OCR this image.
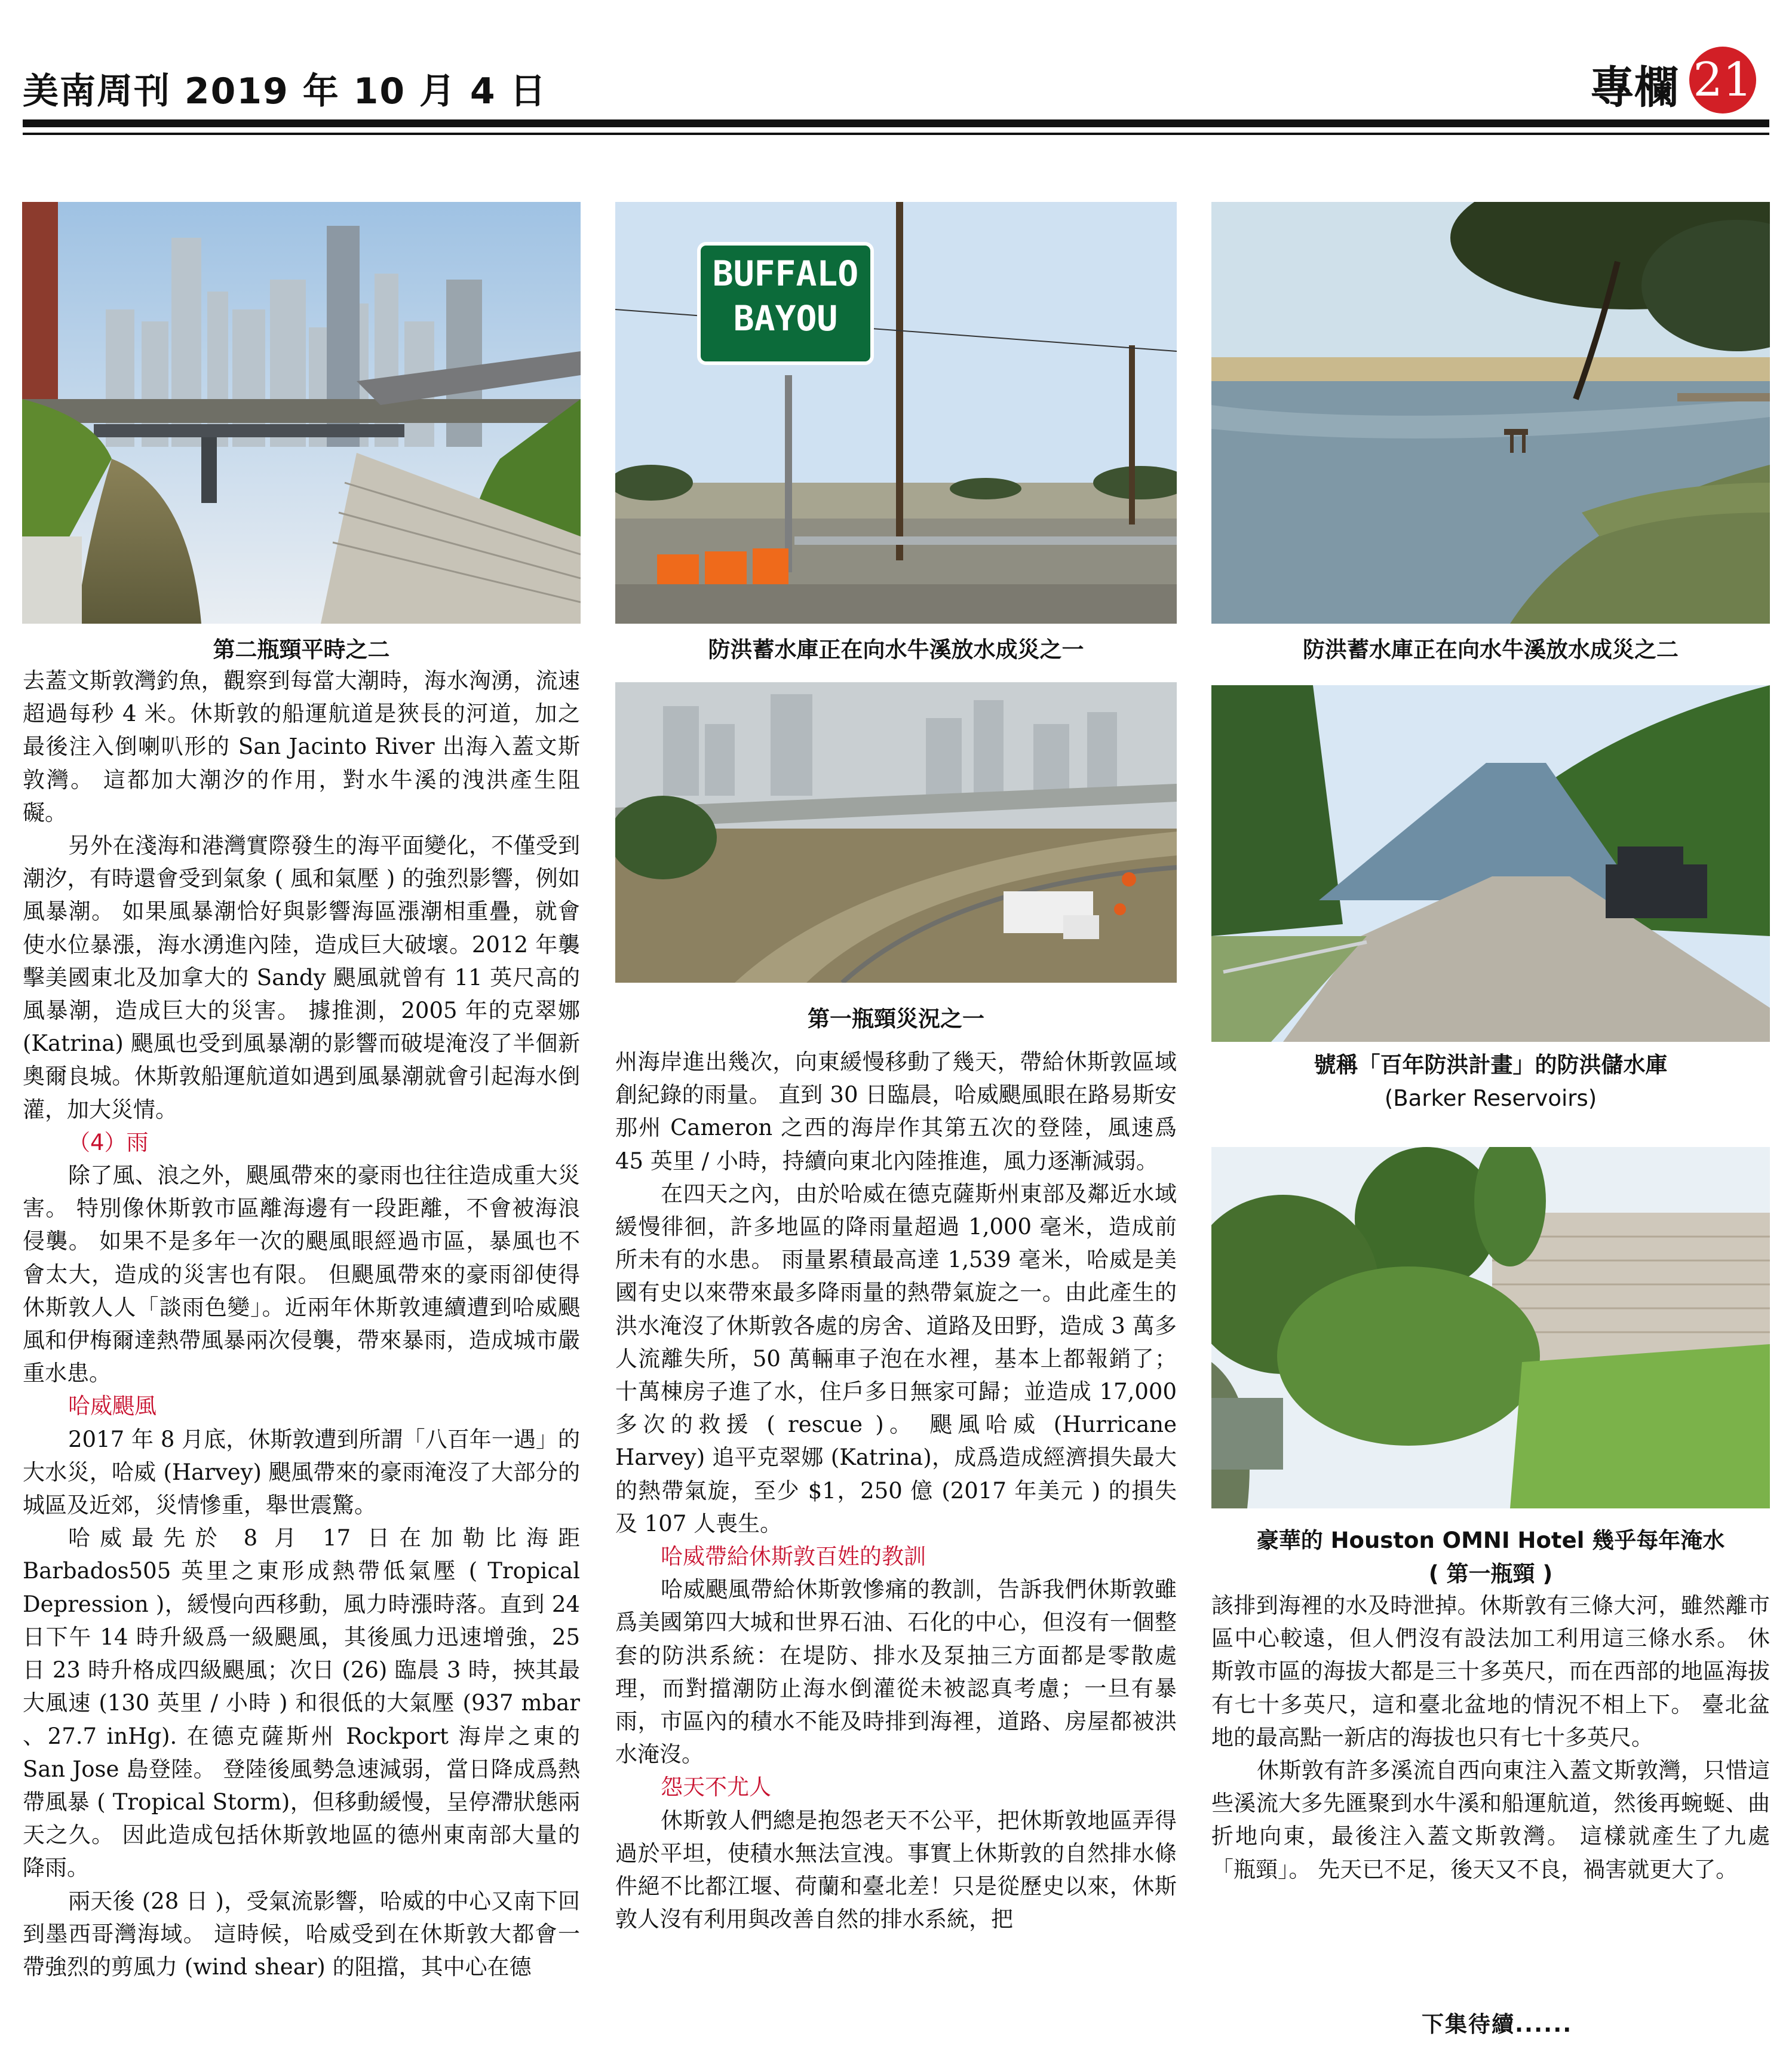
美南周刊 2019 年 10 月 4 日	專欄 21
第二瓶頸平時之二
BUFFALO
BAYOU
防洪蓄水庫正在向水牛溪放水成災之一	防洪蓄水庫正在向水牛溪放水成災之二
第一瓶頸災況之一
號稱「百年防洪計畫」的防洪儲水庫
(Barker Reservoirs)
豪華的 Houston OMNI Hotel 幾乎每年淹水
( 第一瓶頸 )

去蓋文斯敦灣釣魚，觀察到每當大潮時，海水洶湧，流速超過每秒 4 米。休斯敦的船運航道是狹長的河道，加之最後注入倒喇叭形的 San Jacinto River 出海入蓋文斯敦灣。 這都加大潮汐的作用，對水牛溪的洩洪產生阻礙。

另外在淺海和港灣實際發生的海平面變化，不僅受到潮汐，有時還會受到氣象 ( 風和氣壓 ) 的強烈影響，例如風暴潮。 如果風暴潮恰好與影響海區漲潮相重疊，就會使水位暴漲，海水湧進內陸，造成巨大破壞。2012 年襲擊美國東北及加拿大的 Sandy 颶風就曾有 11 英尺高的風暴潮，造成巨大的災害。 據推測，2005 年的克翠娜 (Katrina) 颶風也受到風暴潮的影響而破堤淹沒了半個新奧爾良城。休斯敦船運航道如遇到風暴潮就會引起海水倒灌，加大災情。

（4）雨

除了風、浪之外，颶風帶來的豪雨也往往造成重大災害。 特別像休斯敦市區離海邊有一段距離，不會被海浪侵襲。 如果不是多年一次的颶風眼經過市區，暴風也不會太大，造成的災害也有限。 但颶風帶來的豪雨卻使得休斯敦人人「談雨色變」。近兩年休斯敦連續遭到哈威颶風和伊梅爾達熱帶風暴兩次侵襲，帶來暴雨，造成城市嚴重水患。

哈威颶風

2017 年 8 月底，休斯敦遭到所謂「八百年一遇」的大水災，哈威 (Harvey) 颶風帶來的豪雨淹沒了大部分的城區及近郊，災情慘重，舉世震驚。

哈威最先於 8 月 17 日在加勒比海距 Barbados505 英里之東形成熱帶低氣壓 ( Tropical Depression )，緩慢向西移動，風力時漲時落。直到 24 日下午 14 時升級爲一級颶風，其後風力迅速增強，25 日 23 時升格成四級颶風；次日 (26) 臨晨 3 時，挾其最大風速 (130 英里 / 小時 ) 和很低的大氣壓 (937 mbar 、27.7 inHg). 在德克薩斯州 Rockport 海岸之東的 San Jose 島登陸。 登陸後風勢急速減弱，當日降成爲熱帶風暴 ( Tropical Storm)，但移動緩慢，呈停滯狀態兩天之久。 因此造成包括休斯敦地區的德州東南部大量的降雨。

兩天後 (28 日 )，受氣流影響，哈威的中心又南下回到墨西哥灣海域。 這時候，哈威受到在休斯敦大都會一帶強烈的剪風力 (wind shear) 的阻擋，其中心在德

州海岸進出幾次，向東緩慢移動了幾天，帶給休斯敦區域創紀錄的雨量。 直到 30 日臨晨，哈威颶風眼在路易斯安那州 Cameron 之西的海岸作其第五次的登陸，風速爲 45 英里 / 小時，持續向東北內陸推進，風力逐漸減弱。

在四天之內，由於哈威在德克薩斯州東部及鄰近水域緩慢徘徊，許多地區的降雨量超過 1,000 毫米，造成前所未有的水患。 雨量累積最高達 1,539 毫米，哈威是美國有史以來帶來最多降雨量的熱帶氣旋之一。由此產生的洪水淹沒了休斯敦各處的房舍、道路及田野，造成 3 萬多人流離失所，50 萬輛車子泡在水裡，基本上都報銷了；十萬棟房子進了水，住戶多日無家可歸；並造成 17,000 多次的救援 ( rescue )。 颶風哈威 (Hurricane Harvey) 追平克翠娜 (Katrina)，成爲造成經濟損失最大的熱帶氣旋，至少 $1，250 億 (2017 年美元 ) 的損失及 107 人喪生。

哈威帶給休斯敦百姓的教訓

哈威颶風帶給休斯敦慘痛的教訓，告訴我們休斯敦雖爲美國第四大城和世界石油、石化的中心，但沒有一個整套的防洪系統：在堤防、排水及泵抽三方面都是零散處理，而對擋潮防止海水倒灌從未被認真考慮；一旦有暴雨，市區內的積水不能及時排到海裡，道路、房屋都被洪水淹沒。

怨天不尤人

休斯敦人們總是抱怨老天不公平，把休斯敦地區弄得過於平坦，使積水無法宣洩。事實上休斯敦的自然排水條件絕不比都江堰、荷蘭和臺北差！只是從歷史以來，休斯敦人沒有利用與改善自然的排水系統，把

該排到海裡的水及時泄掉。休斯敦有三條大河，雖然離市區中心較遠，但人們沒有設法加工利用這三條水系。 休斯敦市區的海拔大都是三十多英尺，而在西部的地區海拔有七十多英尺，這和臺北盆地的情況不相上下。 臺北盆地的最高點一新店的海拔也只有七十多英尺。

休斯敦有許多溪流自西向東注入蓋文斯敦灣，只惜這些溪流大多先匯聚到水牛溪和船運航道，然後再蜿蜒、曲折地向東，最後注入蓋文斯敦灣。 這樣就產生了九處「瓶頸」。 先天已不足，後天又不良，禍害就更大了。

下集待續......
